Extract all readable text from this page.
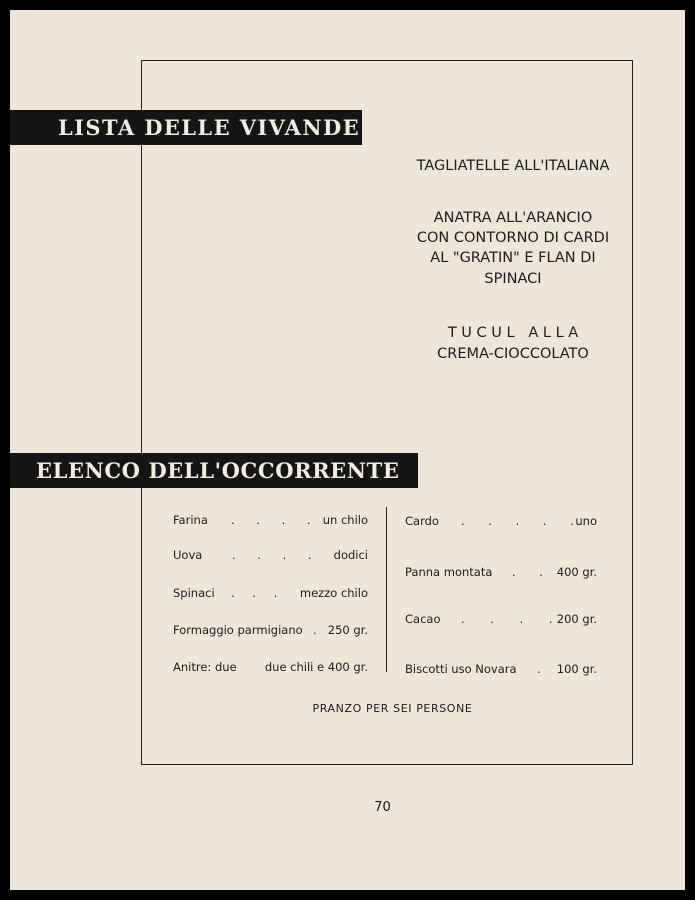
LISTA DELLE VIVANDE
TAGLIATELLE ALL'ITALIANA
ANATRA ALL'ARANCIO
CON CONTORNO DI CARDI
AL "GRATIN" E FLAN DI
SPINACI
T U C U L   A L L A
CREMA-CIOCCOLATO
ELENCO DELL'OCCORRENTE
Farina . . . .	un chilo
Uova	. . . .	dodici
Spinaci . . .	mezzo chilo
Formaggio parmigiano . 250 gr.
Anitre: due	due chili e 400 gr.
Cardo . . . . . uno
Panna montata . .	400 gr.
Cacao . . . . 200 gr.
Biscotti uso Novara .	100 gr.
PRANZO PER SEI PERSONE
70
